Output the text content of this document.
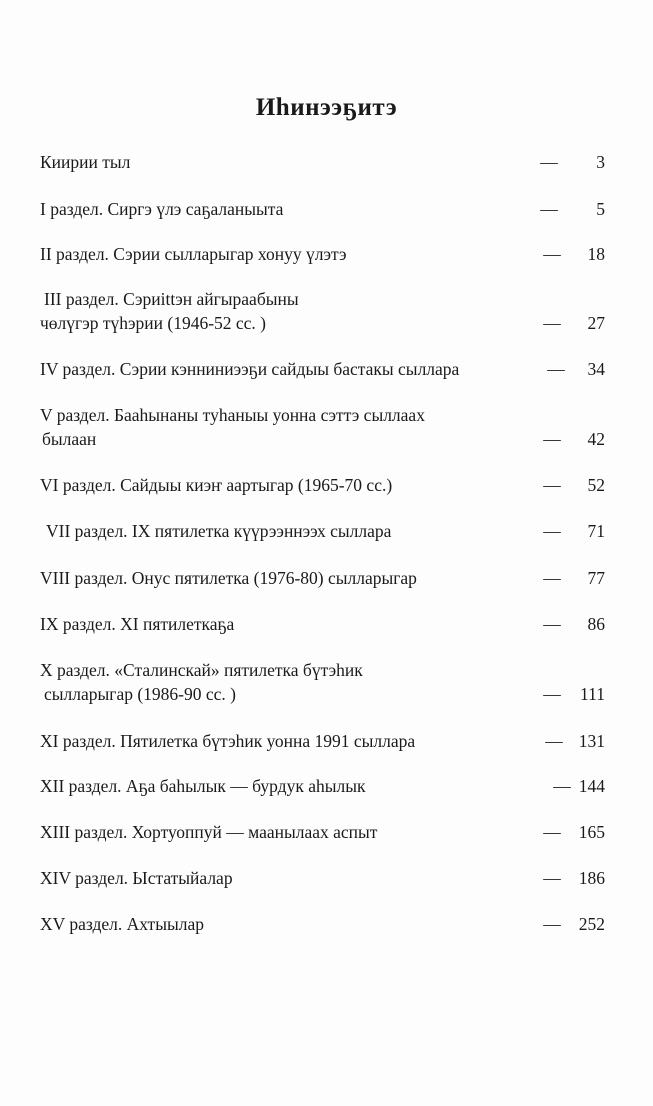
Иһинээҕитэ
Киирии тыл	—	3
I раздел. Сиргэ үлэ саҕаланыыта	—	5
II раздел. Сэрии сылларыгар хонуу үлэтэ	—	18
III раздел. Сэриittэн айгыраабыны
чөлүгэр түһэрии (1946-52 сс. )	—	27
IV раздел. Сэрии кэнниниээҕи сайдыы бастакы сыллара	—	34
V раздел. Бааһынаны туһаныы уонна сэттэ сыллаах
былаан	—	42
VI раздел. Сайдыы киэҥ аартыгар (1965-70 сс.)	—	52
VII раздел. IX пятилетка күүрээннээх сыллара	—	71
VIII раздел. Онус пятилетка (1976-80) сылларыгар	—	77
IX раздел. XI пятилеткаҕа	—	86
X раздел. «Сталинскай» пятилетка бүтэһик
сылларыгар (1986-90 сс. )	—	111
XI раздел. Пятилетка бүтэһик уонна 1991 сыллара	— 131
XII раздел. Аҕа баһылык — бурдук аһылык	— 144
XIII раздел. Хортуоппуй — маанылаах аспыт	—	165
XIV раздел. Ыстатыйалар	—	186
XV раздел. Ахтыылар	—	252
